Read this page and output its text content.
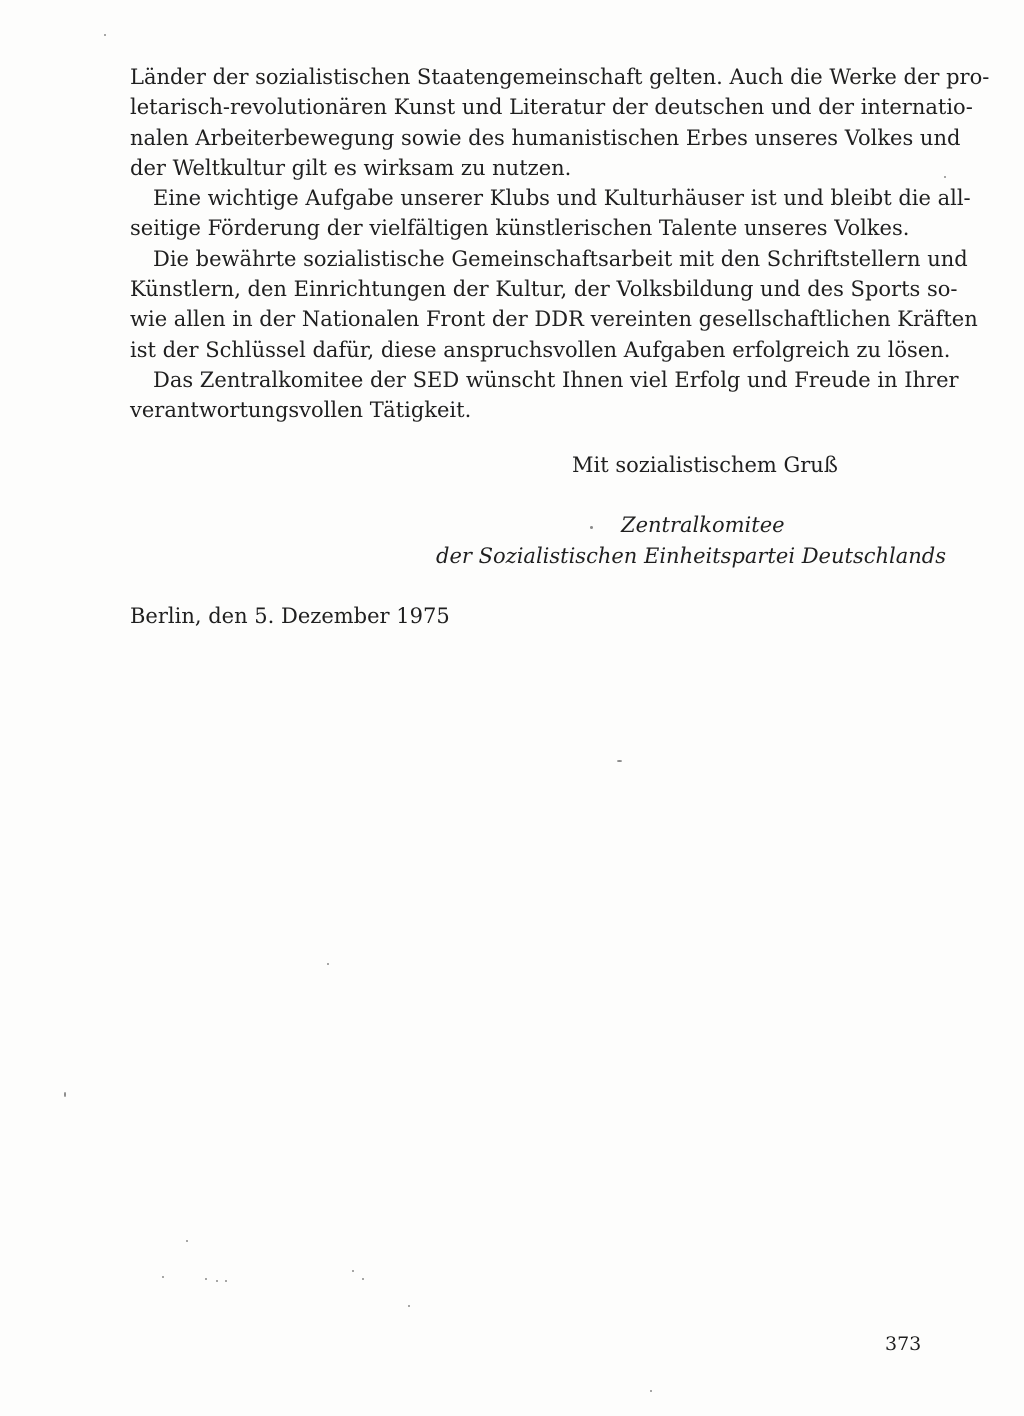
Länder der sozialistischen Staatengemeinschaft gelten. Auch die Werke der pro-
letarisch-revolutionären Kunst und Literatur der deutschen und der internatio-
nalen Arbeiterbewegung sowie des humanistischen Erbes unseres Volkes und
der Weltkultur gilt es wirksam zu nutzen.

Eine wichtige Aufgabe unserer Klubs und Kulturhäuser ist und bleibt die all-
seitige Förderung der vielfältigen künstlerischen Talente unseres Volkes.

Die bewährte sozialistische Gemeinschaftsarbeit mit den Schriftstellern und
Künstlern, den Einrichtungen der Kultur, der Volksbildung und des Sports so-
wie allen in der Nationalen Front der DDR vereinten gesellschaftlichen Kräften
ist der Schlüssel dafür, diese anspruchsvollen Aufgaben erfolgreich zu lösen.

Das Zentralkomitee der SED wünscht Ihnen viel Erfolg und Freude in Ihrer
verantwortungsvollen Tätigkeit.

Mit sozialistischem Gruß
Zentralkomitee
der Sozialistischen Einheitspartei Deutschlands
Berlin, den 5. Dezember 1975
373
